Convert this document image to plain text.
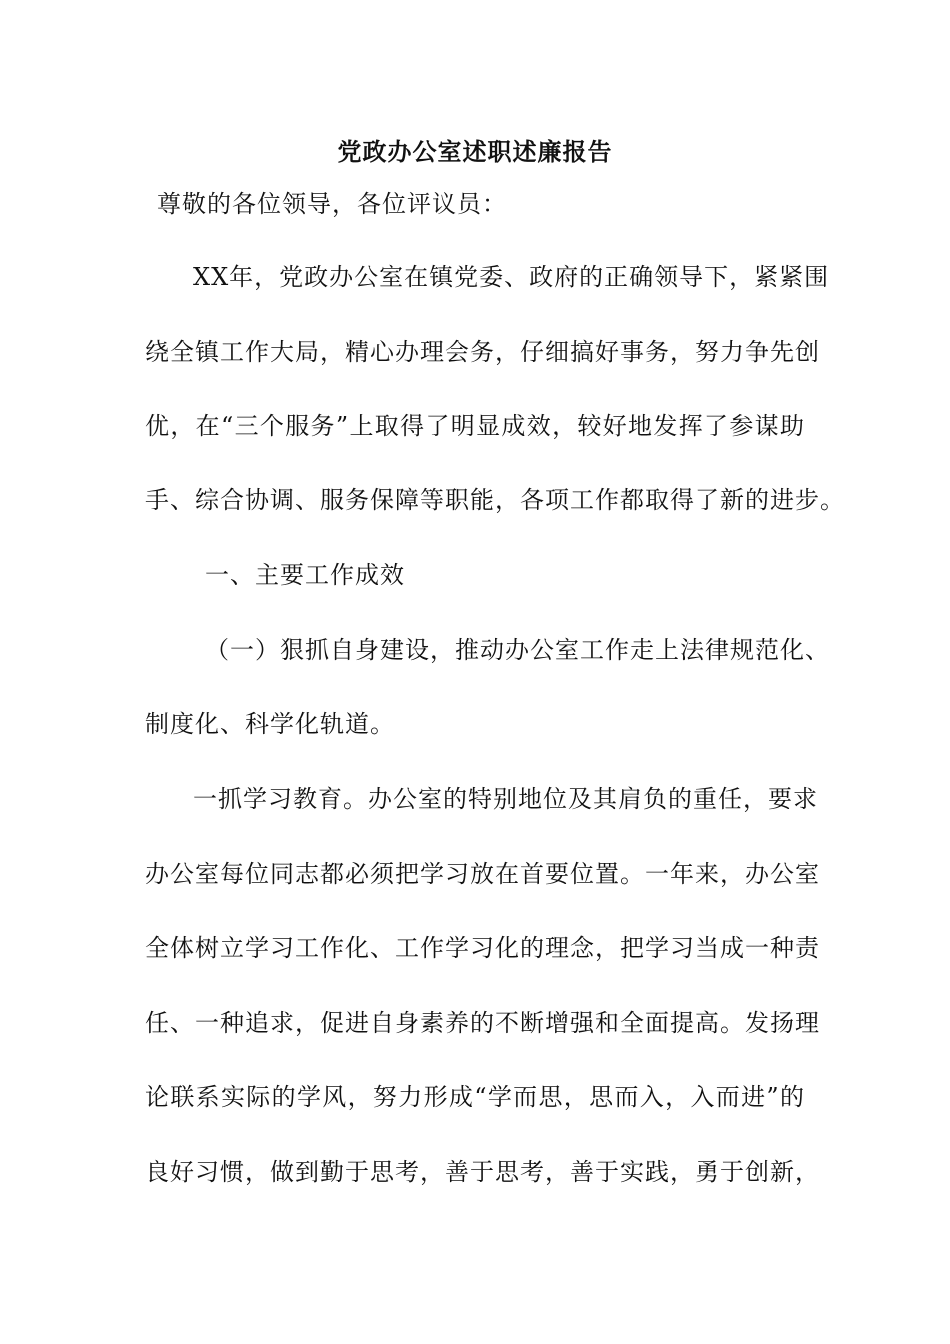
党政办公室述职述廉报告
尊敬的各位领导，各位评议员：
XX年，党政办公室在镇党委、政府的正确领导下，紧紧围
绕全镇工作大局，精心办理会务，仔细搞好事务，努力争先创
优，在“三个服务”上取得了明显成效，较好地发挥了参谋助
手、综合协调、服务保障等职能，各项工作都取得了新的进步。
一、主要工作成效
（一）狠抓自身建设，推动办公室工作走上法律规范化、
制度化、科学化轨道。
一抓学习教育。办公室的特别地位及其肩负的重任，要求
办公室每位同志都必须把学习放在首要位置。一年来，办公室
全体树立学习工作化、工作学习化的理念，把学习当成一种责
任、一种追求，促进自身素养的不断增强和全面提高。发扬理
论联系实际的学风，努力形成“学而思，思而入，入而进”的
良好习惯，做到勤于思考，善于思考，善于实践，勇于创新，
